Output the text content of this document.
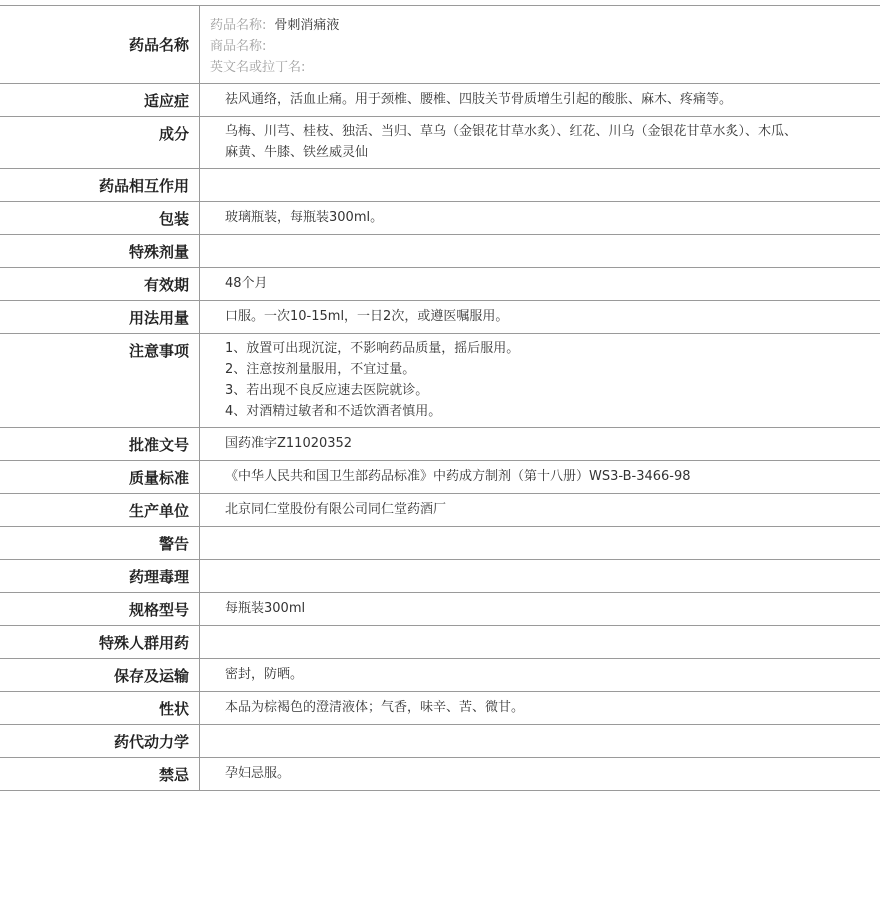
药品名称
药品名称: 骨刺消痛液
商品名称:
英文名或拉丁名:
适应症	祛风通络，活血止痛。用于颈椎、腰椎、四肢关节骨质增生引起的酸胀、麻木、疼痛等。
成分	乌梅、川芎、桂枝、独活、当归、草乌（金银花甘草水炙）、红花、川乌（金银花甘草水炙）、木瓜、麻黄、牛膝、铁丝威灵仙
药品相互作用
包装	玻璃瓶装，每瓶装300ml。
特殊剂量
有效期	48个月
用法用量	口服。一次10-15ml，一日2次，或遵医嘱服用。
注意事项	1、放置可出现沉淀，不影响药品质量，摇后服用。
2、注意按剂量服用，不宜过量。
3、若出现不良反应速去医院就诊。
4、对酒精过敏者和不适饮酒者慎用。
批准文号	国药准字Z11020352
质量标准	《中华人民共和国卫生部药品标准》中药成方制剂（第十八册）WS3-B-3466-98
生产单位	北京同仁堂股份有限公司同仁堂药酒厂
警告
药理毒理
规格型号	每瓶装300ml
特殊人群用药
保存及运输	密封，防晒。
性状	本品为棕褐色的澄清液体；气香，味辛、苦、微甘。
药代动力学
禁忌	孕妇忌服。
